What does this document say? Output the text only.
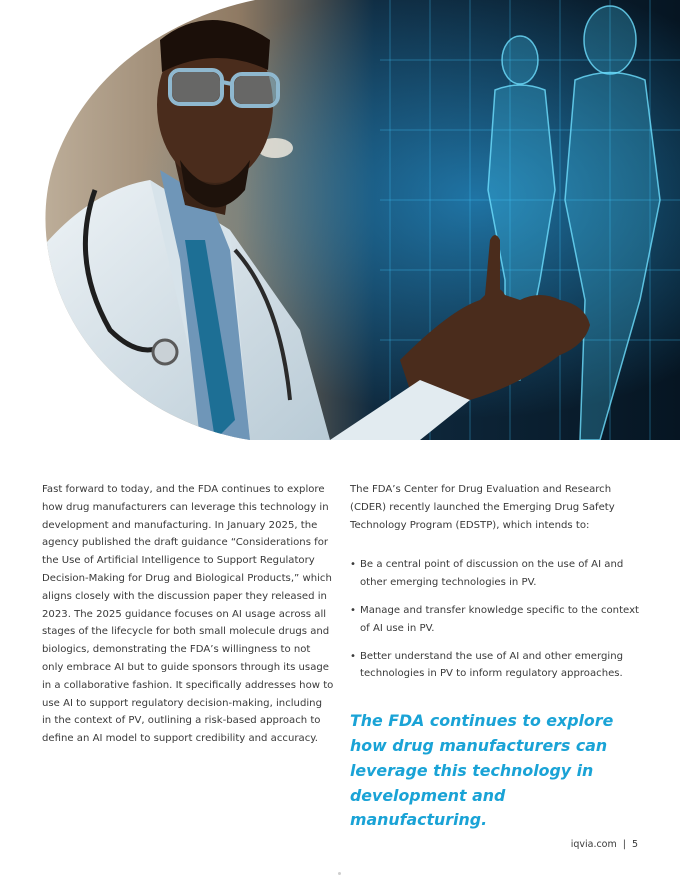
Fast forward to today, and the FDA continues to explore how drug manufacturers can leverage this technology in development and manufacturing. In January 2025, the agency published the draft guidance “Considerations for the Use of Artificial Intelligence to Support Regulatory Decision-Making for Drug and Biological Products,” which aligns closely with the discussion paper they released in 2023. The 2025 guidance focuses on AI usage across all stages of the lifecycle for both small molecule drugs and biologics, demonstrating the FDA’s willingness to not only embrace AI but to guide sponsors through its usage in a collaborative fashion. It specifically addresses how to use AI to support regulatory decision-making, including in the context of PV, outlining a risk-based approach to define an AI model to support credibility and accuracy.

The FDA’s Center for Drug Evaluation and Research (CDER) recently launched the Emerging Drug Safety Technology Program (EDSTP), which intends to:

• Be a central point of discussion on the use of AI and other emerging technologies in PV.
• Manage and transfer knowledge specific to the context of AI use in PV.
• Better understand the use of AI and other emerging technologies in PV to inform regulatory approaches.
The FDA continues to explore how drug manufacturers can leverage this technology in development and manufacturing.
iqvia.com | 5
